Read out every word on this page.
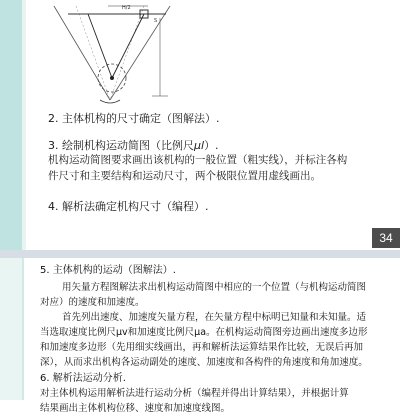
H/2
S

2. 主体机构的尺寸确定（图解法）.

3. 绘制机构运动简图（比例尺μl）.

机构运动简图要求画出该机构的一般位置（粗实线），并标注各构

件尺寸和主要结构和运动尺寸，两个极限位置用虚线画出。

4. 解析法确定机构尺寸（编程）.

34

5. 主体机构的运动（图解法）.

用矢量方程图解法求出机构运动简图中相应的一个位置（与机构运动简图

对应）的速度和加速度。

首先列出速度、加速度矢量方程，在矢量方程中标明已知量和未知量。适

当选取速度比例尺μv和加速度比例尺μa。在机构运动简图旁边画出速度多边形

和加速度多边形（先用细实线画出，再和解析法运算结果作比较，无误后再加

深），从而求出机构各运动副处的速度、加速度和各构件的角速度和角加速度。

6. 解析法运动分析.

对主体机构运用解析法进行运动分析（编程并得出计算结果），并根据计算

结果画出主体机构位移、速度和加速度线图。
